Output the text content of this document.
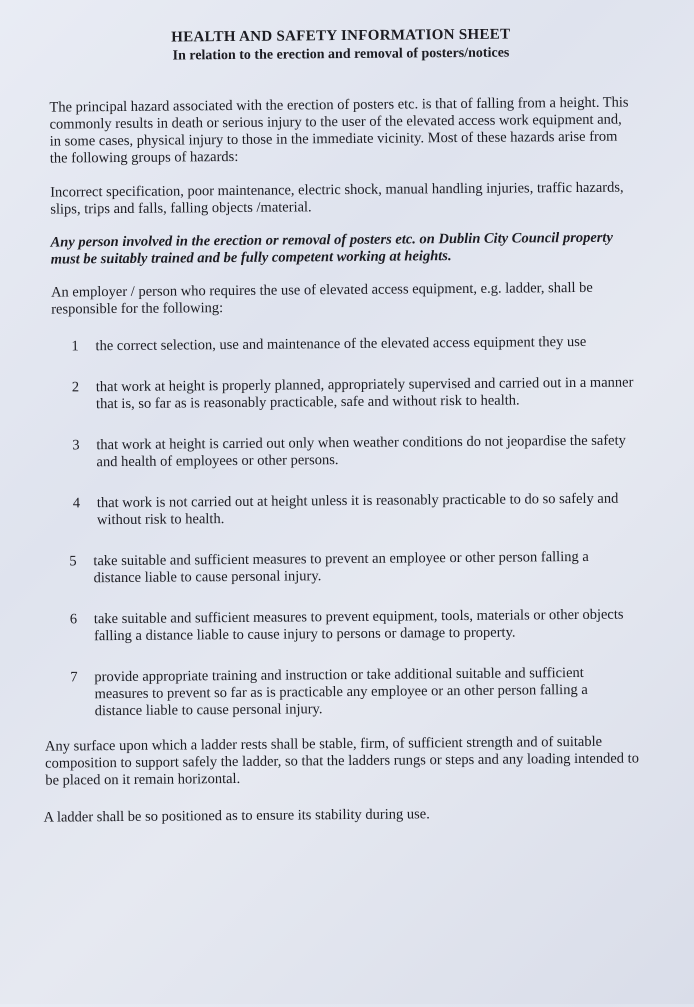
HEALTH AND SAFETY INFORMATION SHEET
In relation to the erection and removal of posters/notices

The principal hazard associated with the erection of posters etc. is that of falling from a height. This commonly results in death or serious injury to the user of the elevated access work equipment and, in some cases, physical injury to those in the immediate vicinity. Most of these hazards arise from the following groups of hazards:

Incorrect specification, poor maintenance, electric shock, manual handling injuries, traffic hazards, slips, trips and falls, falling objects /material.

Any person involved in the erection or removal of posters etc. on Dublin City Council property must be suitably trained and be fully competent working at heights.

An employer / person who requires the use of elevated access equipment, e.g. ladder, shall be responsible for the following:

1	the correct selection, use and maintenance of the elevated access equipment they use
2	that work at height is properly planned, appropriately supervised and carried out in a manner that is, so far as is reasonably practicable, safe and without risk to health.
3	that work at height is carried out only when weather conditions do not jeopardise the safety and health of employees or other persons.
4	that work is not carried out at height unless it is reasonably practicable to do so safely and without risk to health.
5	take suitable and sufficient measures to prevent an employee or other person falling a distance liable to cause personal injury.
6	take suitable and sufficient measures to prevent equipment, tools, materials or other objects falling a distance liable to cause injury to persons or damage to property.
7	provide appropriate training and instruction or take additional suitable and sufficient measures to prevent so far as is practicable any employee or an other person falling a distance liable to cause personal injury.

Any surface upon which a ladder rests shall be stable, firm, of sufficient strength and of suitable composition to support safely the ladder, so that the ladders rungs or steps and any loading intended to be placed on it remain horizontal.

A ladder shall be so positioned as to ensure its stability during use.
